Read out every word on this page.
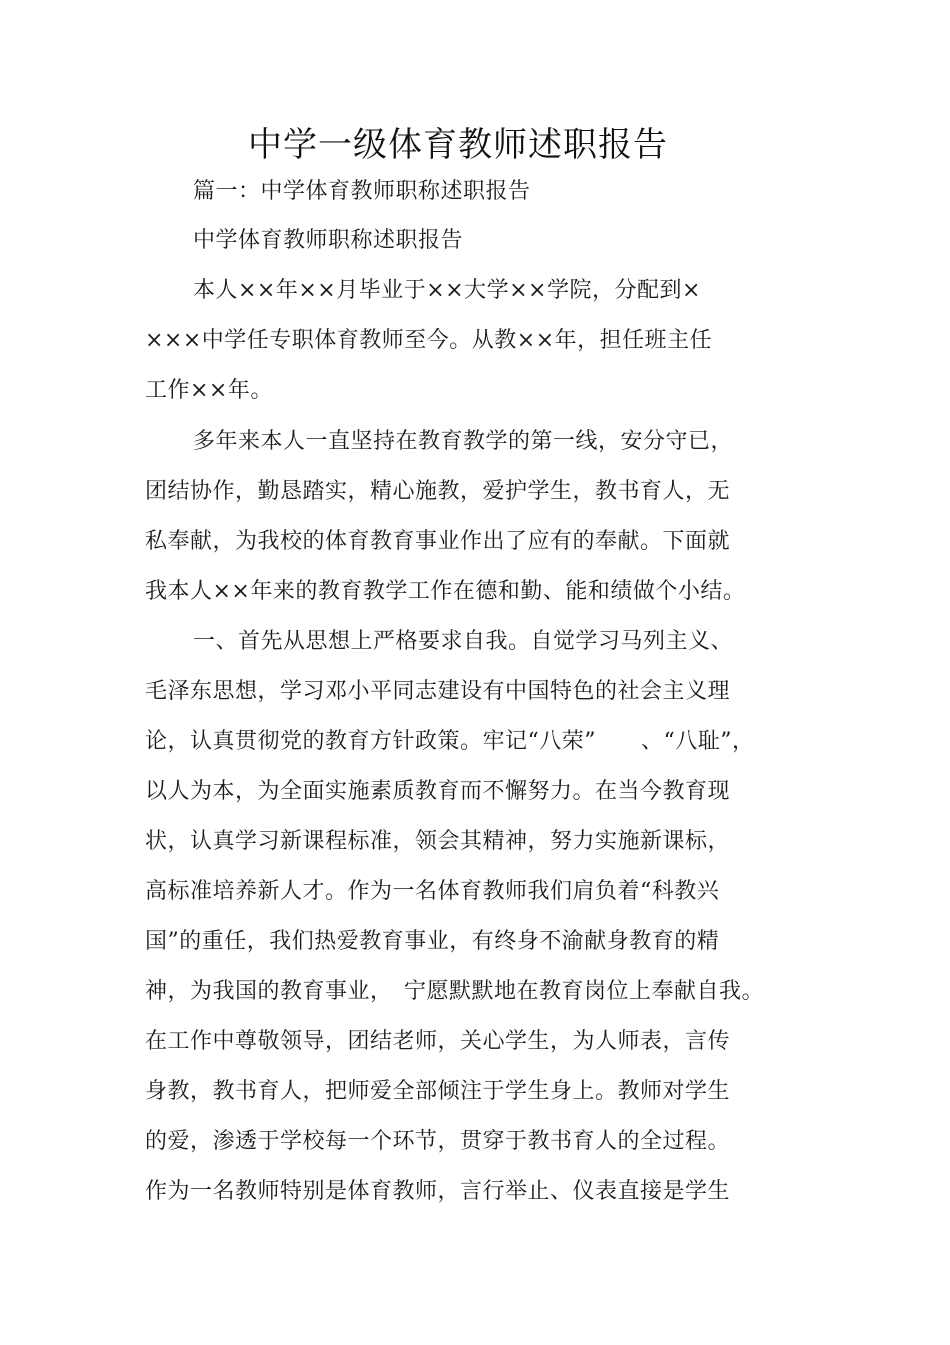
中学一级体育教师述职报告
篇一：中学体育教师职称述职报告
中学体育教师职称述职报告
本人××年××月毕业于××大学××学院，分配到×
×××中学任专职体育教师至今。从教××年，担任班主任
工作××年。
多年来本人一直坚持在教育教学的第一线，安分守已，
团结协作，勤恳踏实，精心施教，爱护学生，教书育人，无
私奉献，为我校的体育教育事业作出了应有的奉献。下面就
我本人××年来的教育教学工作在德和勤、能和绩做个小结。
一、首先从思想上严格要求自我。自觉学习马列主义、
毛泽东思想，学习邓小平同志建设有中国特色的社会主义理
论，认真贯彻党的教育方针政策。牢记“八荣”　　、“八耻”，
以人为本，为全面实施素质教育而不懈努力。在当今教育现
状，认真学习新课程标准，领会其精神，努力实施新课标，
高标准培养新人才。作为一名体育教师我们肩负着“科教兴
国”的重任，我们热爱教育事业，有终身不渝献身教育的精
神，为我国的教育事业，　宁愿默默地在教育岗位上奉献自我。
在工作中尊敬领导，团结老师，关心学生，为人师表，言传
身教，教书育人，把师爱全部倾注于学生身上。教师对学生
的爱，渗透于学校每一个环节，贯穿于教书育人的全过程。
作为一名教师特别是体育教师，言行举止、仪表直接是学生
